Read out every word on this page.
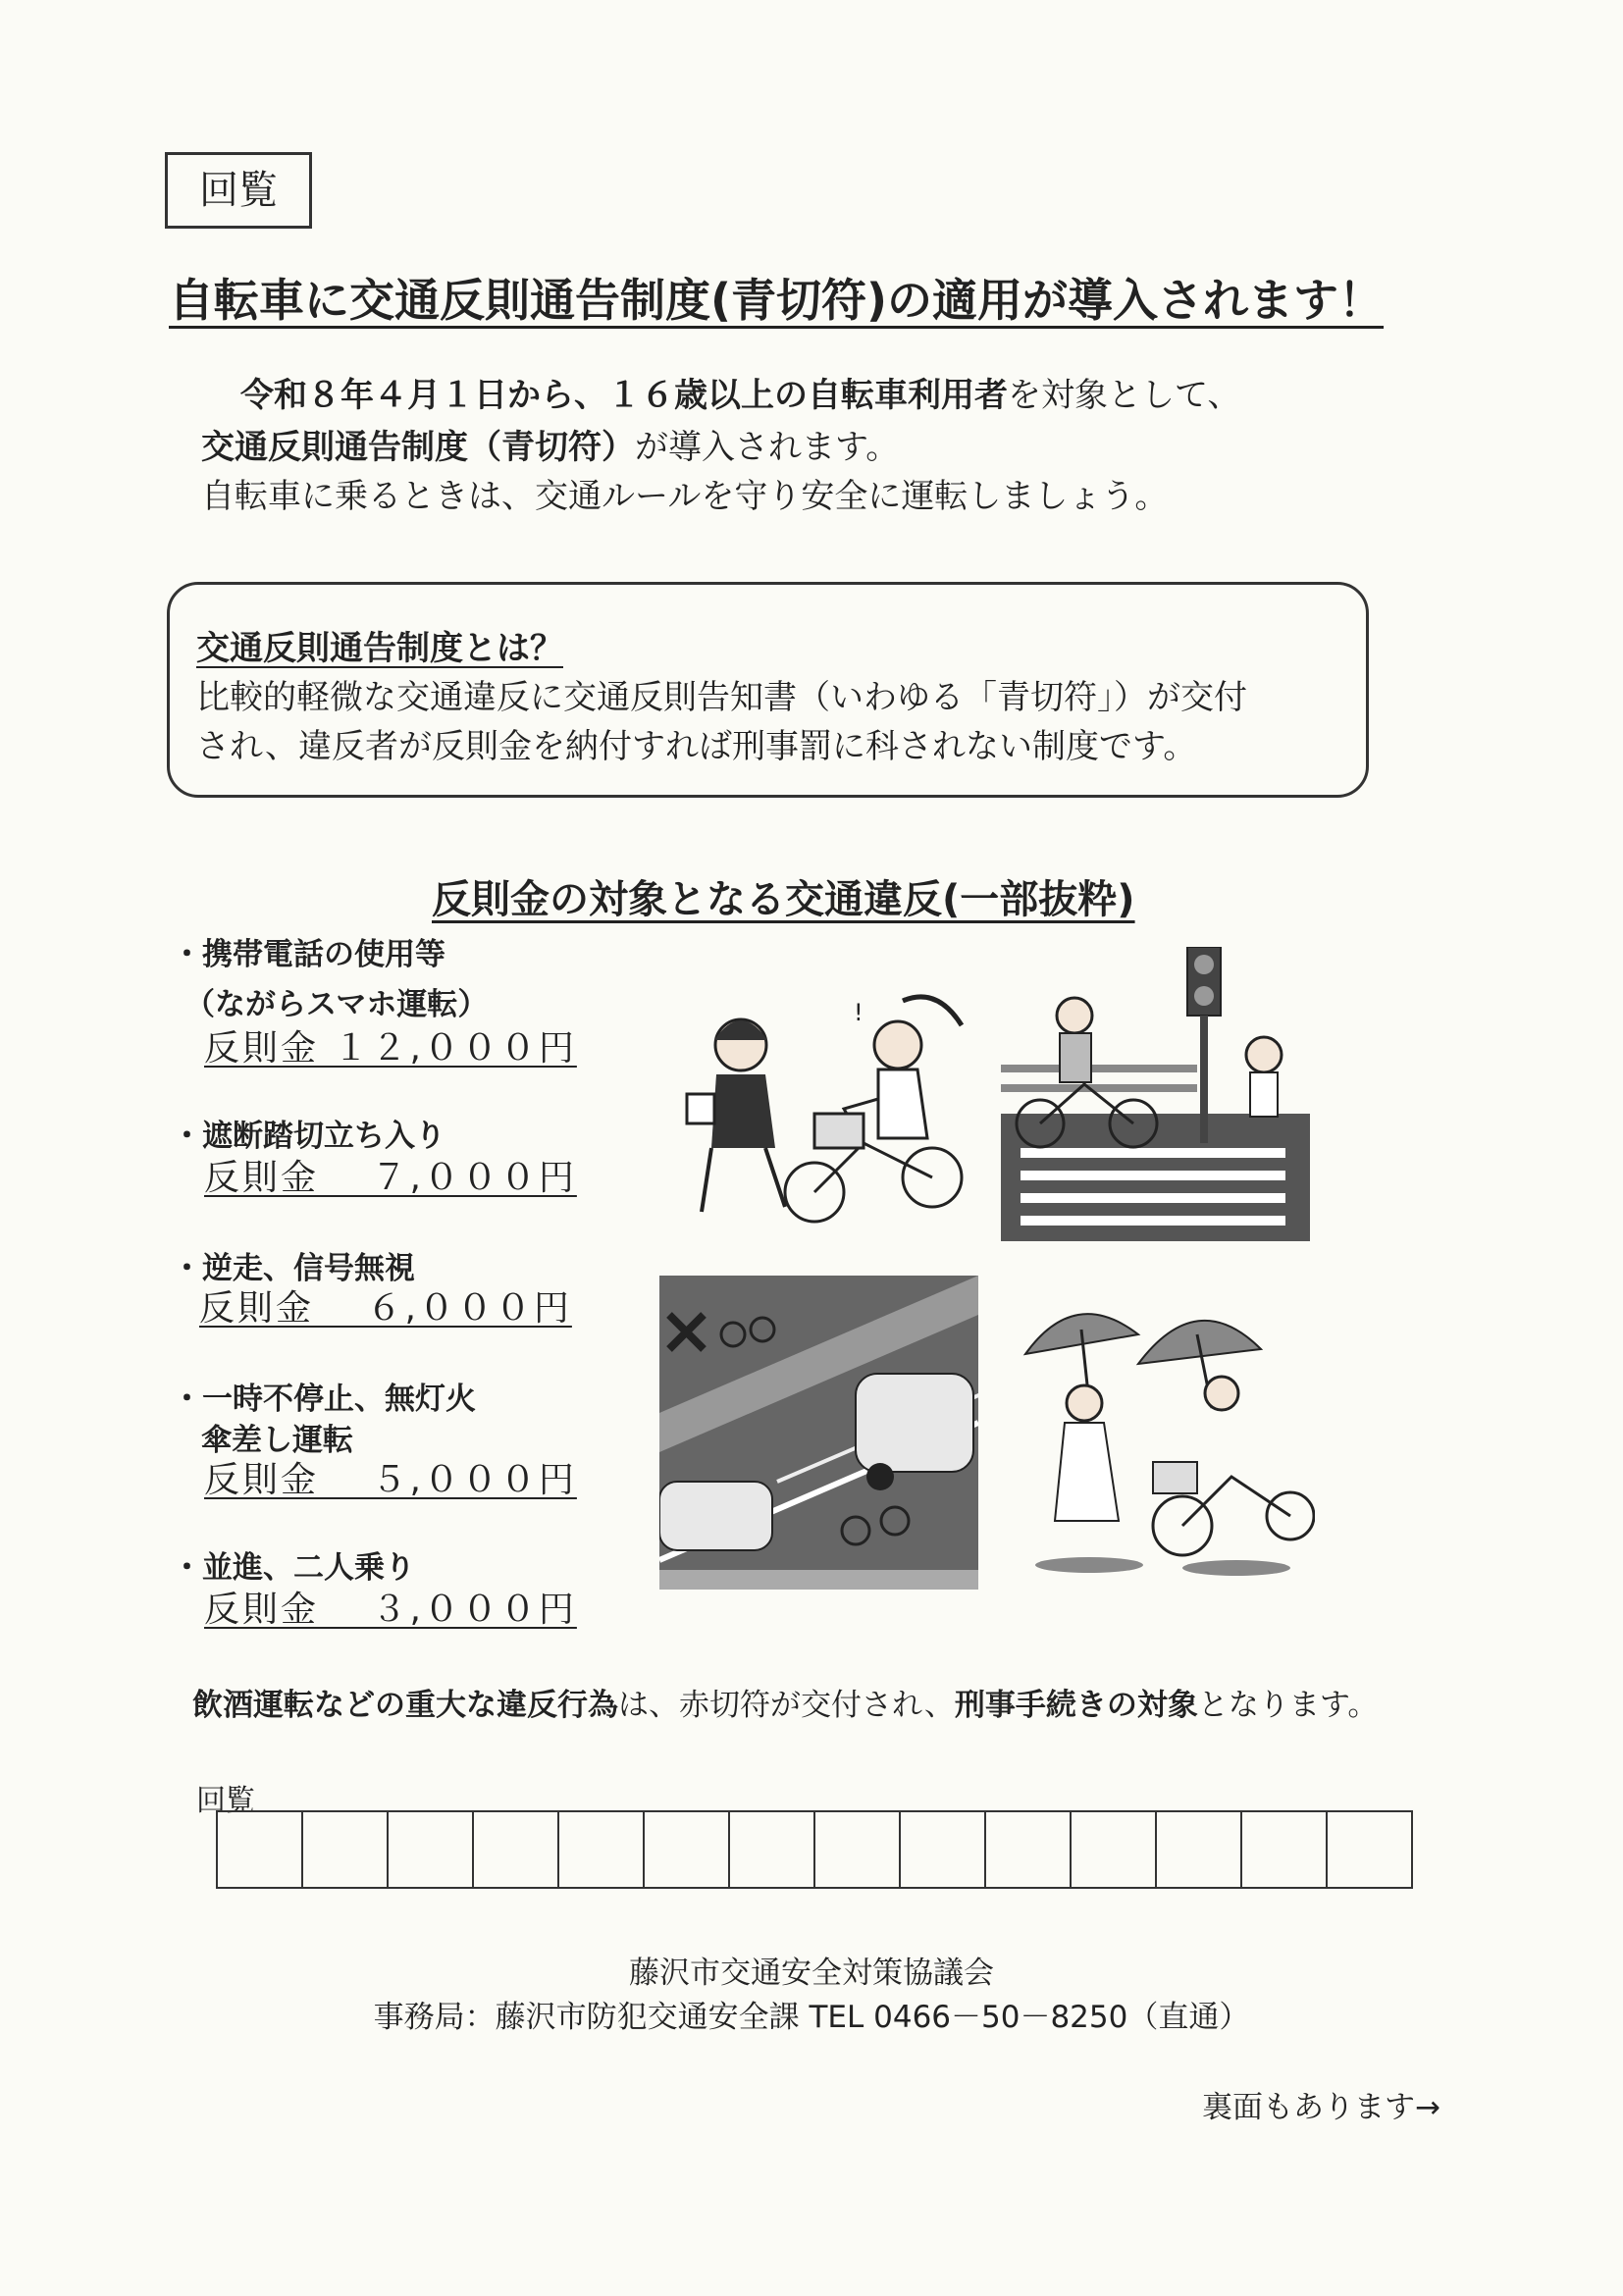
回覧
自転車に交通反則通告制度(青切符)の適用が導入されます！
令和８年４月１日から、１６歳以上の自転車利用者を対象として、
交通反則通告制度（青切符）が導入されます。
自転車に乗るときは、交通ルールを守り安全に運転しましょう。
交通反則通告制度とは？
比較的軽微な交通違反に交通反則告知書（いわゆる「青切符」）が交付
され、違反者が反則金を納付すれば刑事罰に科されない制度です。
反則金の対象となる交通違反(一部抜粋)
・携帯電話の使用等
（ながらスマホ運転）
反則金 １２,０００円
・遮断踏切立ち入り
反則金 　７,０００円
・逆走、信号無視
反則金 　６,０００円
・一時不停止、無灯火
傘差し運転
反則金 　５,０００円
・並進、二人乗り
反則金 　３,０００円
!
飲酒運転などの重大な違反行為は、赤切符が交付され、刑事手続きの対象となります。
回覧
藤沢市交通安全対策協議会
事務局：藤沢市防犯交通安全課 TEL 0466－50－8250（直通）
裏面もあります→
